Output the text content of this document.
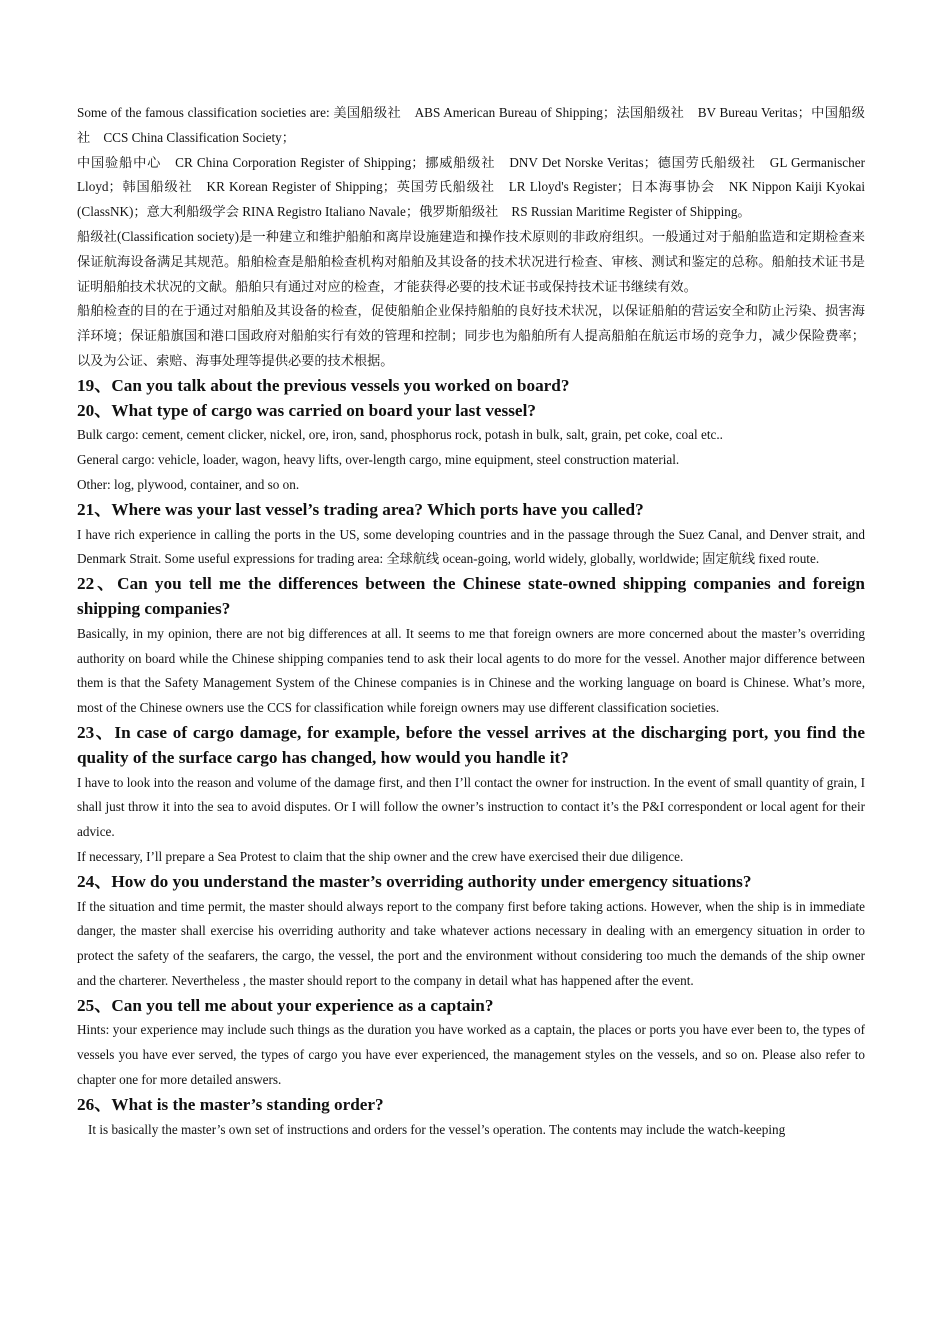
Some of the famous classification societies are: 美国船级社　ABS American Bureau of Shipping；法国船级社　BV Bureau Veritas；中国船级社　CCS China Classification Society；

中国验船中心　CR China Corporation Register of Shipping；挪威船级社　DNV Det Norske Veritas；德国劳氏船级社　GL Germanischer Lloyd；韩国船级社　KR Korean Register of Shipping；英国劳氏船级社　LR Lloyd's Register；日本海事协会　NK Nippon Kaiji Kyokai (ClassNK)；意大利船级学会 RINA Registro Italiano Navale；俄罗斯船级社　RS Russian Maritime Register of Shipping。

船级社(Classification society)是一种建立和维护船舶和离岸设施建造和操作技术原则的非政府组织。一般通过对于船舶监造和定期检查来保证航海设备满足其规范。船舶检查是船舶检查机构对船舶及其设备的技术状况进行检查、审核、测试和鉴定的总称。船舶技术证书是证明船舶技术状况的文献。船舶只有通过对应的检查，才能获得必要的技术证书或保持技术证书继续有效。

船舶检查的目的在于通过对船舶及其设备的检查，促使船舶企业保持船舶的良好技术状况，以保证船舶的营运安全和防止污染、损害海洋环境；保证船旗国和港口国政府对船舶实行有效的管理和控制；同步也为船舶所有人提高船舶在航运市场的竞争力，减少保险费率；以及为公证、索赔、海事处理等提供必要的技术根据。

19、Can you talk about the previous vessels you worked on board?
20、What type of cargo was carried on board your last vessel?

Bulk cargo: cement, cement clicker, nickel, ore, iron, sand, phosphorus rock, potash in bulk, salt, grain, pet coke, coal etc..

General cargo: vehicle, loader, wagon, heavy lifts, over-length cargo, mine equipment, steel construction material.

Other: log, plywood, container, and so on.

21、Where was your last vessel’s trading area? Which ports have you called?

I have rich experience in calling the ports in the US, some developing countries and in the passage through the Suez Canal, and Denver strait, and Denmark Strait. Some useful expressions for trading area: 全球航线 ocean-going, world widely, globally, worldwide; 固定航线 fixed route.

22、Can you tell me the differences between the Chinese state-owned shipping companies and foreign shipping companies?

Basically, in my opinion, there are not big differences at all. It seems to me that foreign owners are more concerned about the master’s overriding authority on board while the Chinese shipping companies tend to ask their local agents to do more for the vessel. Another major difference between them is that the Safety Management System of the Chinese companies is in Chinese and the working language on board is Chinese. What’s more, most of the Chinese owners use the CCS for classification while foreign owners may use different classification societies.

23、In case of cargo damage, for example, before the vessel arrives at the discharging port, you find the quality of the surface cargo has changed, how would you handle it?

I have to look into the reason and volume of the damage first, and then I’ll contact the owner for instruction. In the event of small quantity of grain, I shall just throw it into the sea to avoid disputes. Or I will follow the owner’s instruction to contact it’s the P&I correspondent or local agent for their advice.

If necessary, I’ll prepare a Sea Protest to claim that the ship owner and the crew have exercised their due diligence.

24、How do you understand the master’s overriding authority under emergency situations?

If the situation and time permit, the master should always report to the company first before taking actions. However, when the ship is in immediate danger, the master shall exercise his overriding authority and take whatever actions necessary in dealing with an emergency situation in order to protect the safety of the seafarers, the cargo, the vessel, the port and the environment without considering too much the demands of the ship owner and the charterer. Nevertheless , the master should report to the company in detail what has happened after the event.

25、Can you tell me about your experience as a captain?

Hints: your experience may include such things as the duration you have worked as a captain, the places or ports you have ever been to, the types of vessels you have ever served, the types of cargo you have ever experienced, the management styles on the vessels, and so on. Please also refer to chapter one for more detailed answers.

26、What is the master’s standing order?

It is basically the master’s own set of instructions and orders for the vessel’s operation. The contents may include the watch-keeping
